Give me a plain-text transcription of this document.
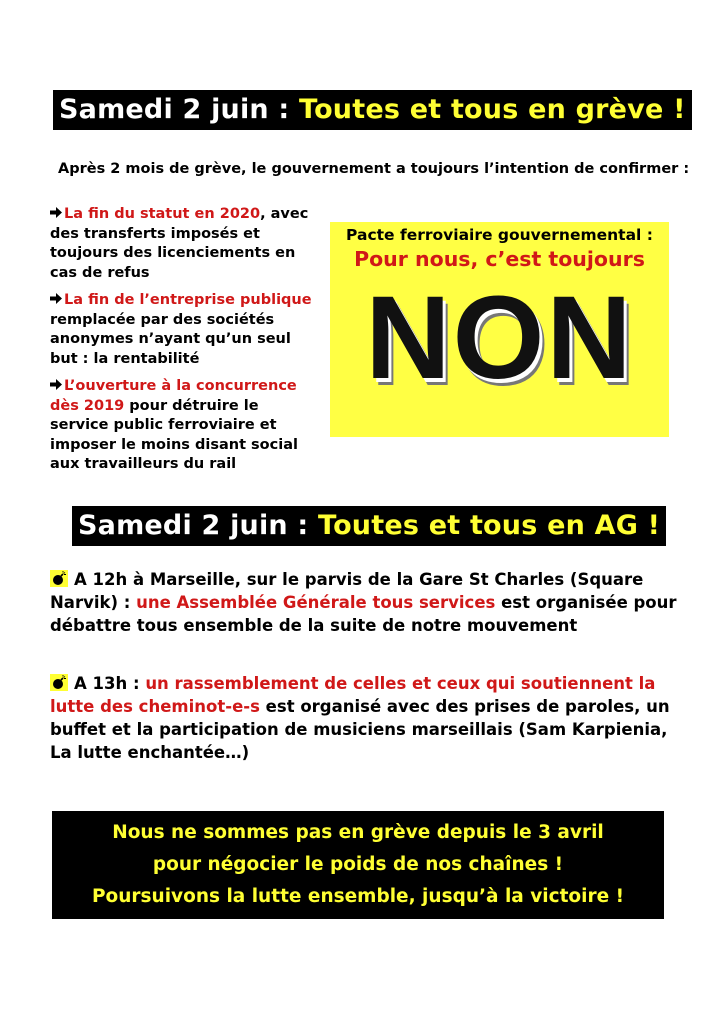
Samedi 2 juin : Toutes et tous en grève !
Après 2 mois de grève, le gouvernement a toujours l’intention de confirmer :
La fin du statut en 2020, avec des transferts imposés et toujours des licenciements en cas de refus
La fin de l’entreprise publique remplacée par des sociétés anonymes n’ayant qu’un seul but : la rentabilité
L’ouverture à la concurrence dès 2019 pour détruire le service public ferroviaire et imposer le moins disant social aux travailleurs du rail
Pacte ferroviaire gouvernemental :
Pour nous, c’est toujours
NON
Samedi 2 juin : Toutes et tous en AG !
A 12h à Marseille, sur le parvis de la Gare St Charles (Square Narvik) : une Assemblée Générale tous services est organisée pour débattre tous ensemble de la suite de notre mouvement
A 13h : un rassemblement de celles et ceux qui soutiennent la lutte des cheminot-e-s est organisé avec des prises de paroles, un buffet et la participation de musiciens marseillais (Sam Karpienia, La lutte enchantée…)
Nous ne sommes pas en grève depuis le 3 avril
pour négocier le poids de nos chaînes !
Poursuivons la lutte ensemble, jusqu’à la victoire !
